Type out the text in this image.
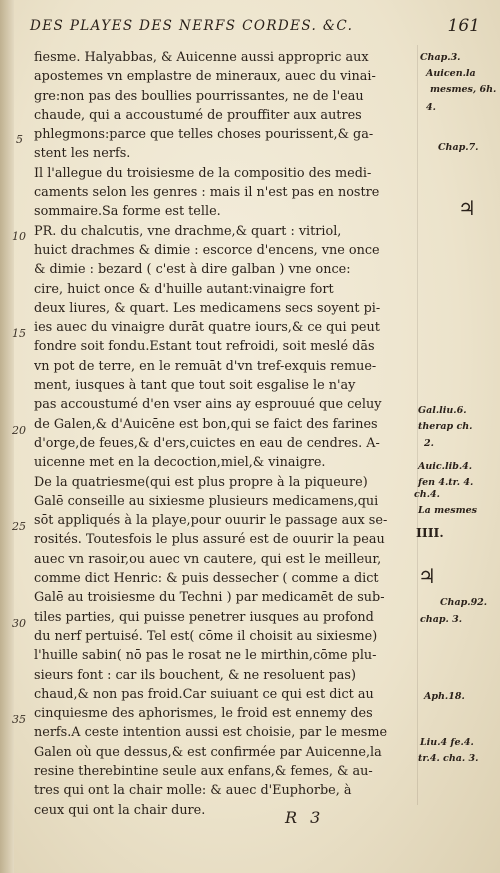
DES PLAYES DES NERFS CORDES. &C.	161
fiesme. Halyabbas, & Auicenne aussi appropric aux
apostemes vn emplastre de mineraux, auec du vinai-
gre:non pas des boullies pourrissantes, ne de l'eau
chaude, qui a accoustumé de prouffiter aux autres
phlegmons:parce que telles choses pourissent,& ga-
stent les nerfs.
Il l'allegue du troisiesme de la compositio des medi-
caments selon les genres : mais il n'est pas en nostre
sommaire.Sa forme est telle.
PR. du chalcutis, vne drachme,& quart : vitriol,
huict drachmes & dimie : escorce d'encens, vne once
& dimie : bezard ( c'est à dire galban ) vne once:
cire, huict once & d'huille autant:vinaigre fort
deux liures, & quart. Les medicamens secs soyent pi-
ies auec du vinaigre durāt quatre iours,& ce qui peut
fondre soit fondu.Estant tout refroidi, soit meslé dās
vn pot de terre, en le remuāt d'vn tref-exquis remue-
ment, iusques à tant que tout soit esgalise le n'ay
pas accoustumé d'en vser ains ay esprouué que celuy
de Galen,& d'Auicēne est bon,qui se faict des farines
d'orge,de feues,& d'ers,cuictes en eau de cendres. A-
uicenne met en la decoction,miel,& vinaigre.
De la quatriesme(qui est plus propre à la piqueure)
Galē conseille au sixiesme plusieurs medicamens,qui
sōt appliqués à la playe,pour ouurir le passage aux se-
rosités. Toutesfois le plus assuré est de ouurir la peau
auec vn rasoir,ou auec vn cautere, qui est le meilleur,
comme dict Henric: & puis dessecher ( comme a dict
Galē au troisiesme du Techni ) par medicamēt de sub-
tiles parties, qui puisse penetrer iusques au profond
du nerf pertuisé. Tel est( cōme il choisit au sixiesme)
l'huille sabin( nō pas le rosat ne le mirthin,cōme plu-
sieurs font : car ils bouchent, & ne resoluent pas)
chaud,& non pas froid.Car suiuant ce qui est dict au
cinquiesme des aphorismes, le froid est ennemy des
nerfs.A ceste intention aussi est choisie, par le mesme
Galen où que dessus,& est confirmée par Auicenne,la
resine therebintine seule aux enfans,& femes, & au-
tres qui ont la chair molle: & auec d'Euphorbe, à
ceux qui ont la chair dure.
5
10
15
20
25
30
35
Chap.3.
Auicen.la
mesmes, 6h.
4.
Chap.7.
Gal.liu.6.
therap ch.
2.
Auic.lib.4.
fen 4.tr. 4.
ch.4.
La mesmes
IIII.
Chap.92.
chap. 3.
Aph.18.
Liu.4 fe.4.
tr.4. cha. 3.
♃
♃
R 3
